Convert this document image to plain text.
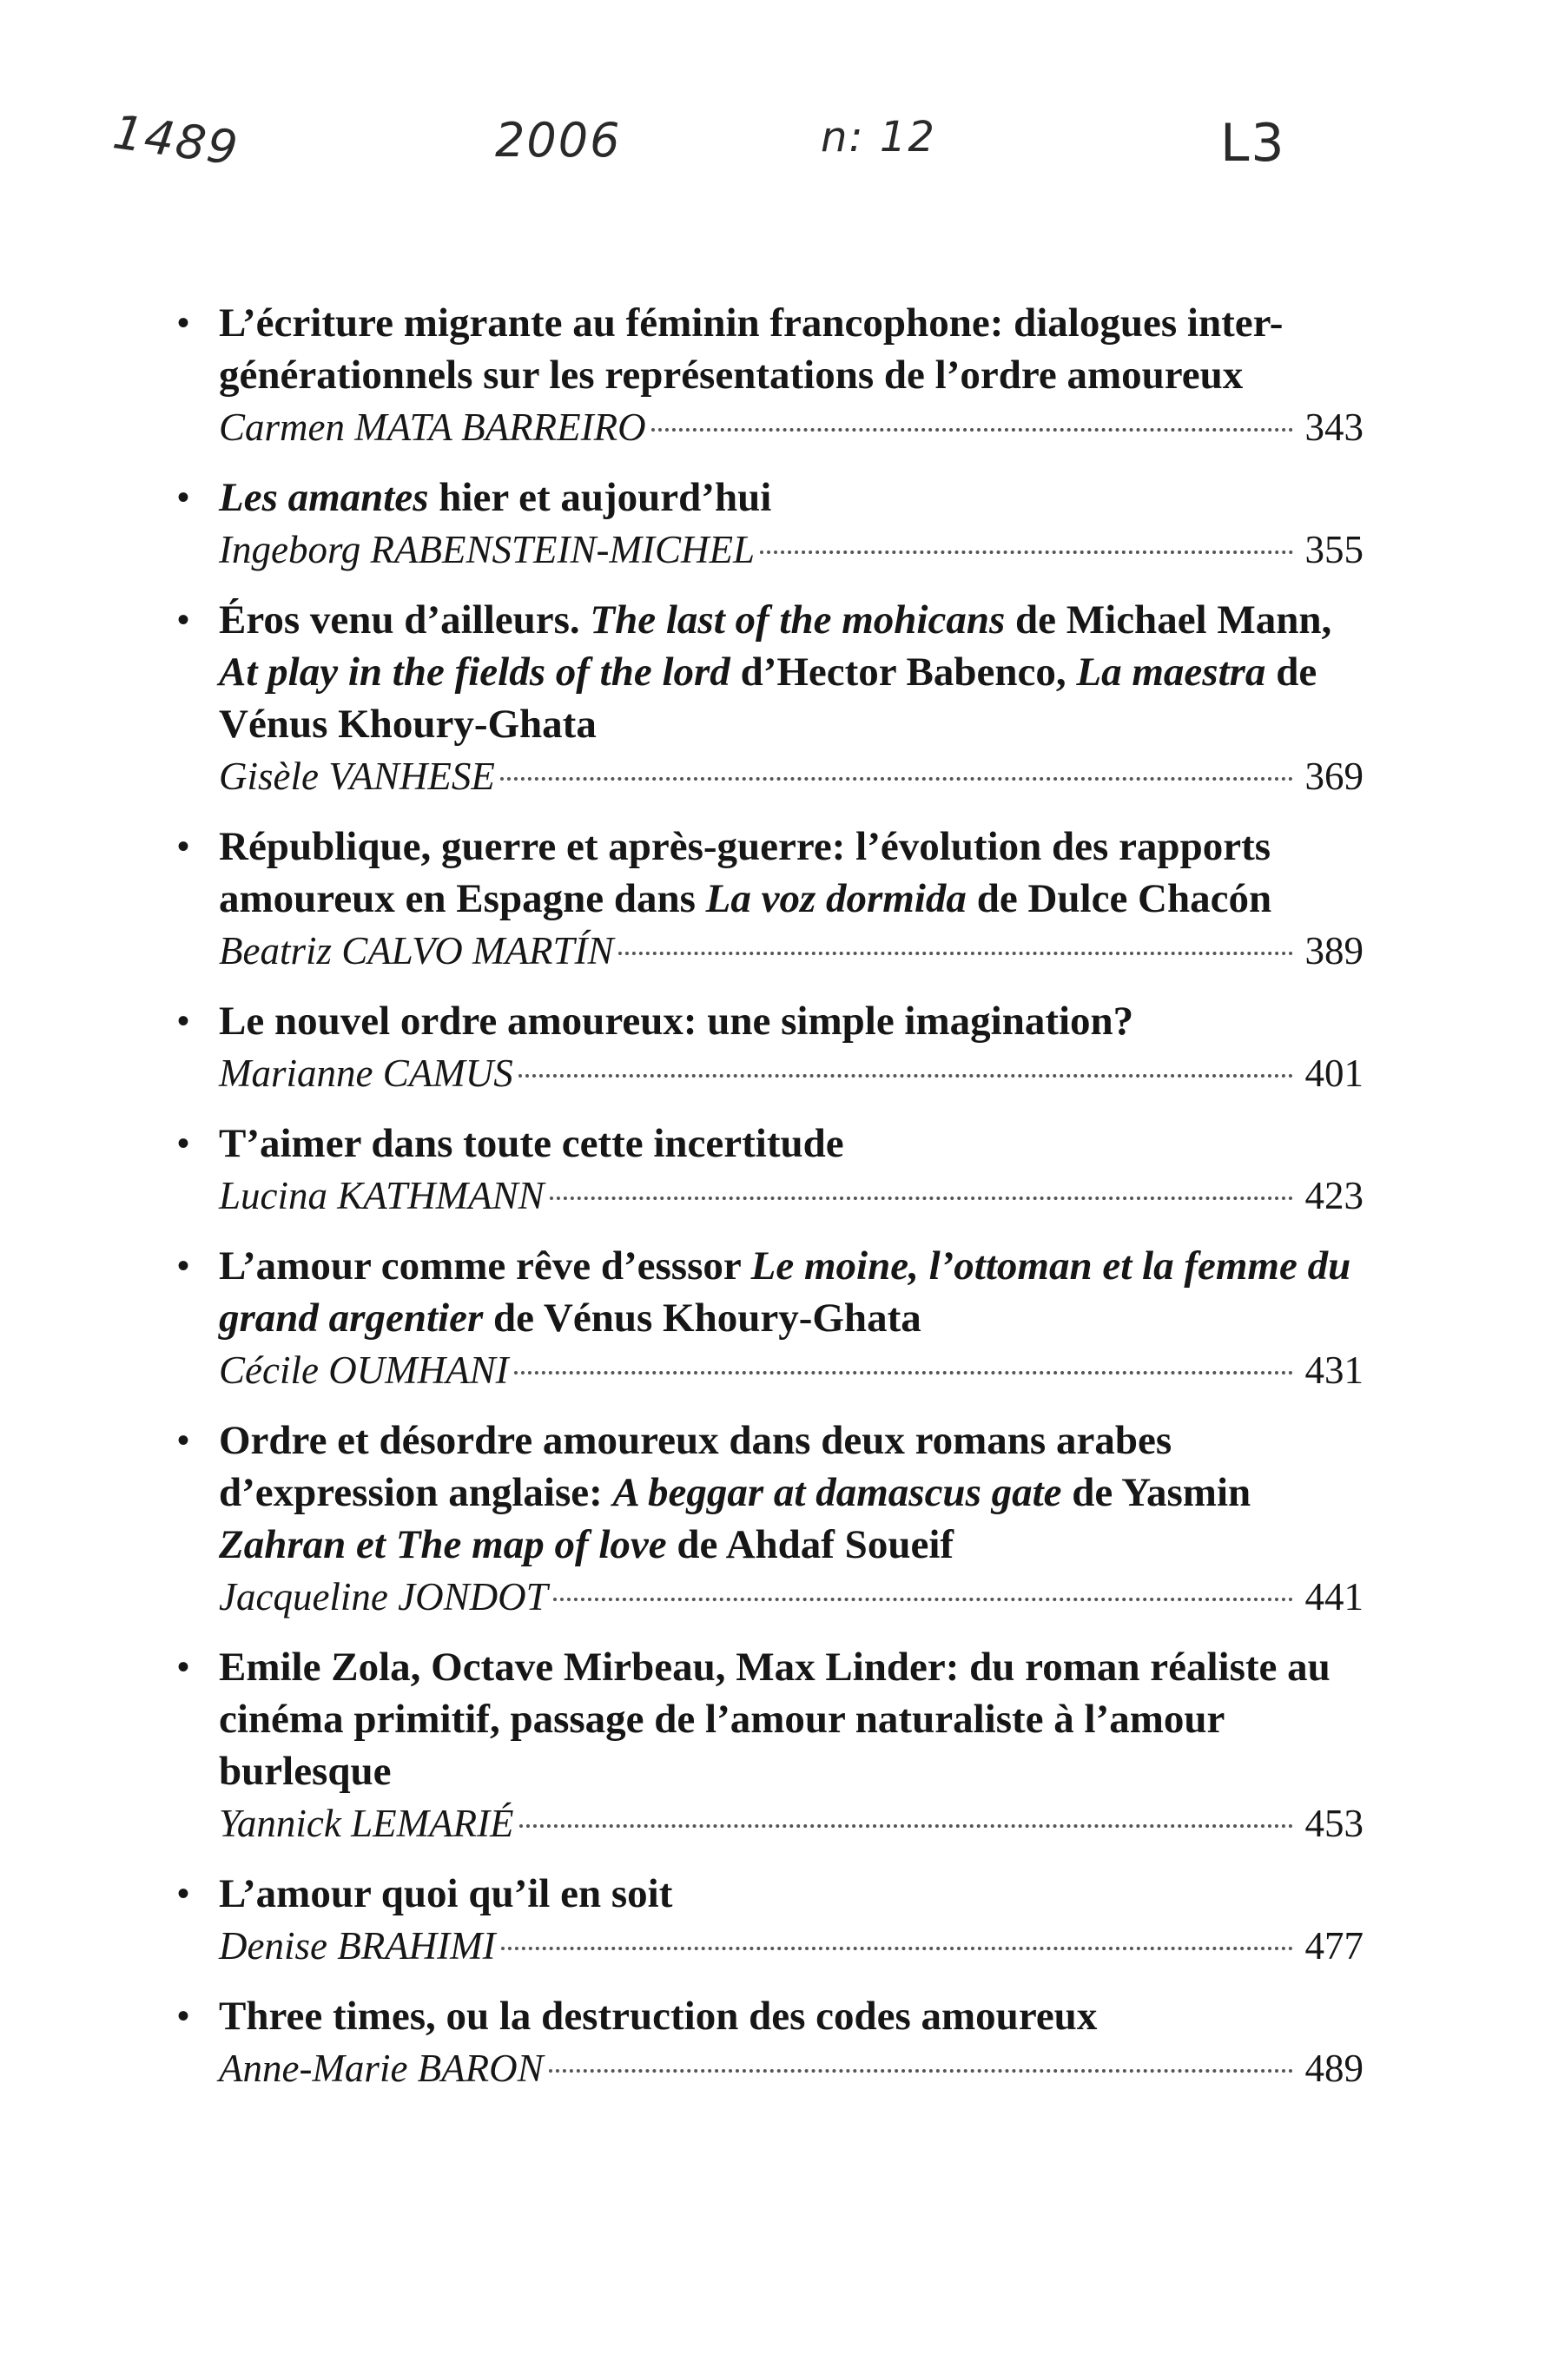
1489	2006	n: 12	L3
• L’écriture migrante au féminin francophone: dialogues inter-générationnels sur les représentations de l’ordre amoureux
Carmen MATA BARREIRO	343
• Les amantes hier et aujourd’hui
Ingeborg RABENSTEIN-MICHEL	355
• Éros venu d’ailleurs. The last of the mohicans de Michael Mann, At play in the fields of the lord d’Hector Babenco, La maestra de Vénus Khoury-Ghata
Gisèle VANHESE	369
• République, guerre et après-guerre: l’évolution des rapports amoureux en Espagne dans La voz dormida de Dulce Chacón
Beatriz CALVO MARTÍN	389
• Le nouvel ordre amoureux: une simple imagination?
Marianne CAMUS	401
• T’aimer dans toute cette incertitude
Lucina KATHMANN	423
• L’amour comme rêve d’esssor Le moine, l’ottoman et la femme du grand argentier de Vénus Khoury-Ghata
Cécile OUMHANI	431
• Ordre et désordre amoureux dans deux romans arabes d’expression anglaise: A beggar at damascus gate de Yasmin Zahran et The map of love de Ahdaf Soueif
Jacqueline JONDOT	441
• Emile Zola, Octave Mirbeau, Max Linder: du roman réaliste au cinéma primitif, passage de l’amour naturaliste à l’amour burlesque
Yannick LEMARIÉ	453
• L’amour quoi qu’il en soit
Denise BRAHIMI	477
• Three times, ou la destruction des codes amoureux
Anne-Marie BARON	489
